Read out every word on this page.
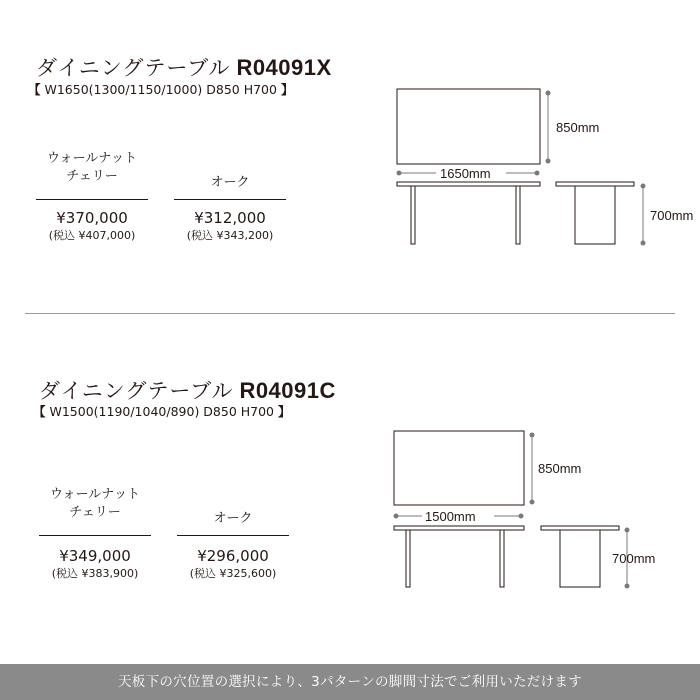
ダイニングテーブル R04091X
【 W1650(1300/1150/1000) D850 H700 】
ウォールナット
チェリー	オーク
¥370,000
(税込 ¥407,000)
¥312,000
(税込 ¥343,200)
850mm
1650mm
700mm
ダイニングテーブル R04091C
【 W1500(1190/1040/890) D850 H700 】
ウォールナット
チェリー	オーク
¥349,000
(税込 ¥383,900)
¥296,000
(税込 ¥325,600)
850mm
1500mm
700mm
天板下の穴位置の選択により、3パターンの脚間寸法でご利用いただけます
